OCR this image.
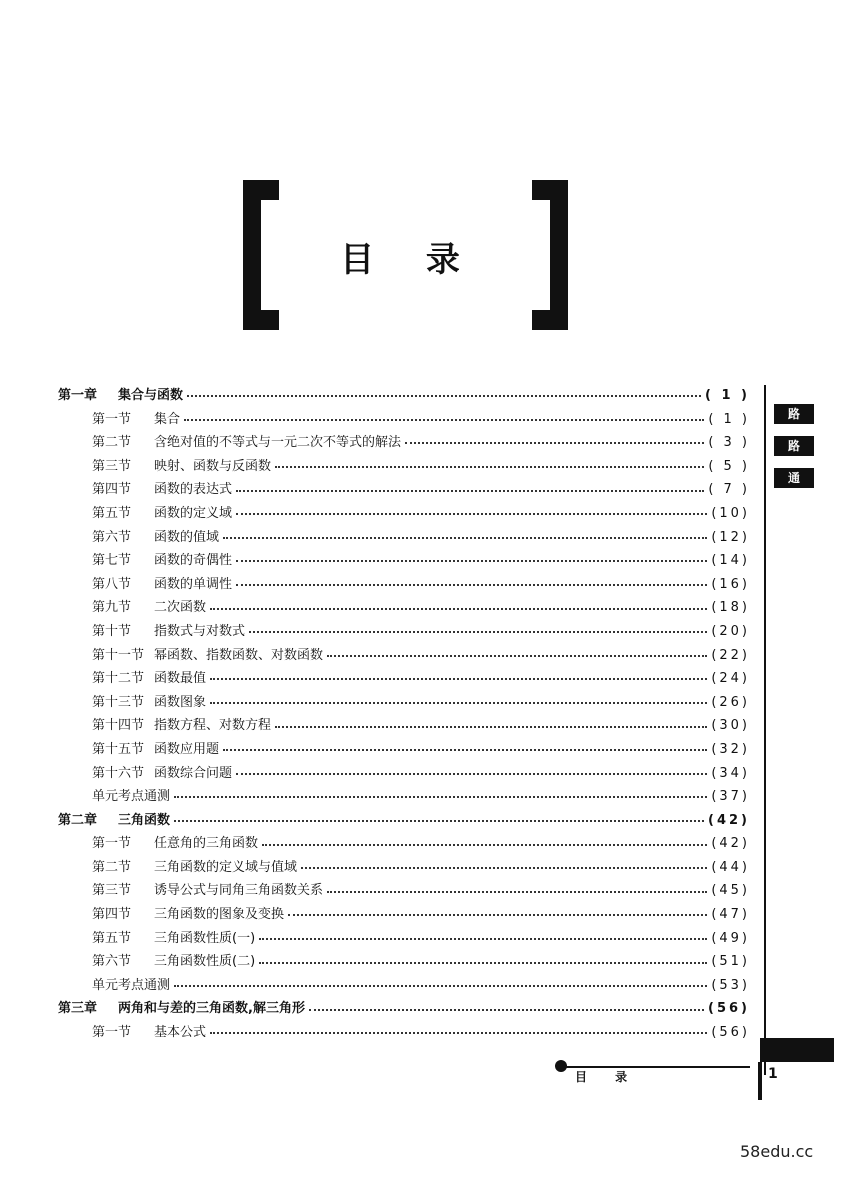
目 录
第一章 集合与函数	( 1 )
第一节 集合	( 1 )
第二节 含绝对值的不等式与一元二次不等式的解法	( 3 )
第三节 映射、函数与反函数	( 5 )
第四节 函数的表达式	( 7 )
第五节 函数的定义域	(10)
第六节 函数的值域	(12)
第七节 函数的奇偶性	(14)
第八节 函数的单调性	(16)
第九节 二次函数	(18)
第十节 指数式与对数式	(20)
第十一节 幂函数、指数函数、对数函数	(22)
第十二节 函数最值	(24)
第十三节 函数图象	(26)
第十四节 指数方程、对数方程	(30)
第十五节 函数应用题	(32)
第十六节 函数综合问题	(34)
单元考点通测	(37)
第二章 三角函数	(42)
第一节 任意角的三角函数	(42)
第二节 三角函数的定义域与值域	(44)
第三节 诱导公式与同角三角函数关系	(45)
第四节 三角函数的图象及变换	(47)
第五节 三角函数性质(一)	(49)
第六节 三角函数性质(二)	(51)
单元考点通测	(53)
第三章 两角和与差的三角函数,解三角形	(56)
第一节 基本公式	(56)
路
路
通
目 录	1
58edu.cc
